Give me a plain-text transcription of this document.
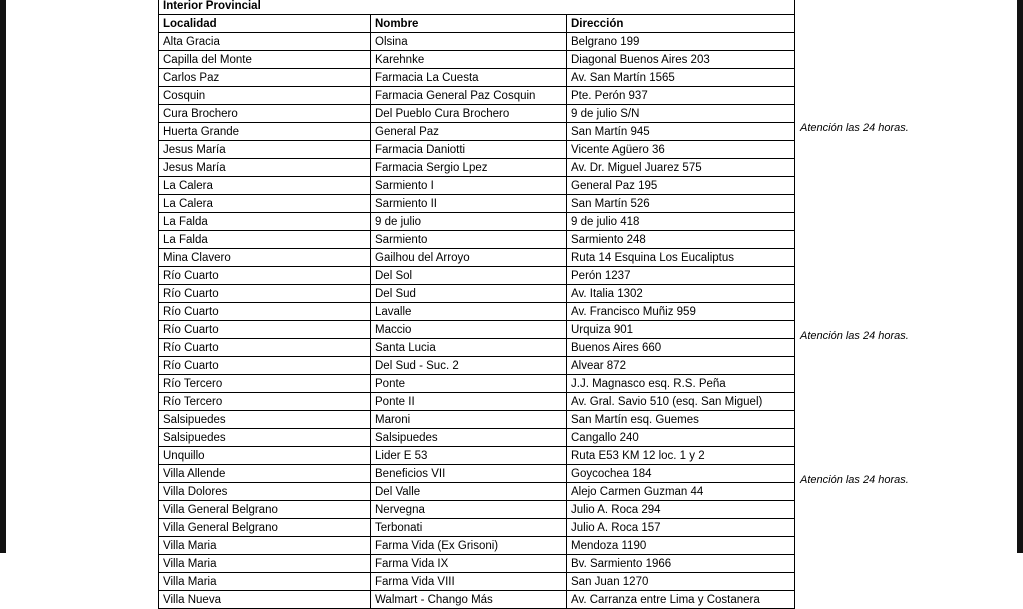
Interior Provincial		
Localidad	Nombre	Dirección
Alta Gracia	Olsina	Belgrano 199
Capilla del Monte	Karehnke	Diagonal Buenos Aires 203
Carlos Paz	Farmacia La Cuesta	Av. San Martín 1565
Cosquin	Farmacia General Paz Cosquin	Pte. Perón 937
Cura Brochero	Del Pueblo Cura Brochero	9 de julio S/N
Huerta Grande	General Paz	San Martín 945
Jesus María	Farmacia Daniotti	Vicente Agüero 36
Jesus María	Farmacia Sergio Lpez	Av. Dr. Miguel Juarez 575
La Calera	Sarmiento I	General Paz 195
La Calera	Sarmiento II	San Martín 526
La Falda	9 de julio	9 de julio 418
La Falda	Sarmiento	Sarmiento 248
Mina Clavero	Gailhou del Arroyo	Ruta 14 Esquina Los Eucaliptus
Río Cuarto	Del Sol	Perón 1237
Río Cuarto	Del Sud	Av. Italia 1302
Río Cuarto	Lavalle	Av. Francisco Muñiz 959
Río Cuarto	Maccio	Urquiza 901
Río Cuarto	Santa Lucia	Buenos Aires 660
Río Cuarto	Del Sud - Suc. 2	Alvear 872
Río Tercero	Ponte	J.J. Magnasco esq. R.S. Peña
Río Tercero	Ponte II	Av. Gral. Savio 510 (esq. San Miguel)
Salsipuedes	Maroni	San Martín esq. Guemes
Salsipuedes	Salsipuedes	Cangallo 240
Unquillo	Lider E 53	Ruta E53 KM 12 loc. 1 y 2
Villa Allende	Beneficios VII	Goycochea 184
Villa Dolores	Del Valle	Alejo Carmen Guzman 44
Villa General Belgrano	Nervegna	Julio A. Roca 294
Villa General Belgrano	Terbonati	Julio A. Roca 157
Villa Maria	Farma Vida (Ex Grisoni)	Mendoza 1190
Villa Maria	Farma Vida IX	Bv. Sarmiento 1966
Villa Maria	Farma Vida VIII	San Juan 1270
Villa Nueva	Walmart - Chango Más	Av. Carranza entre Lima y Costanera
Atención las 24 horas.
Atención las 24 horas.
Atención las 24 horas.
